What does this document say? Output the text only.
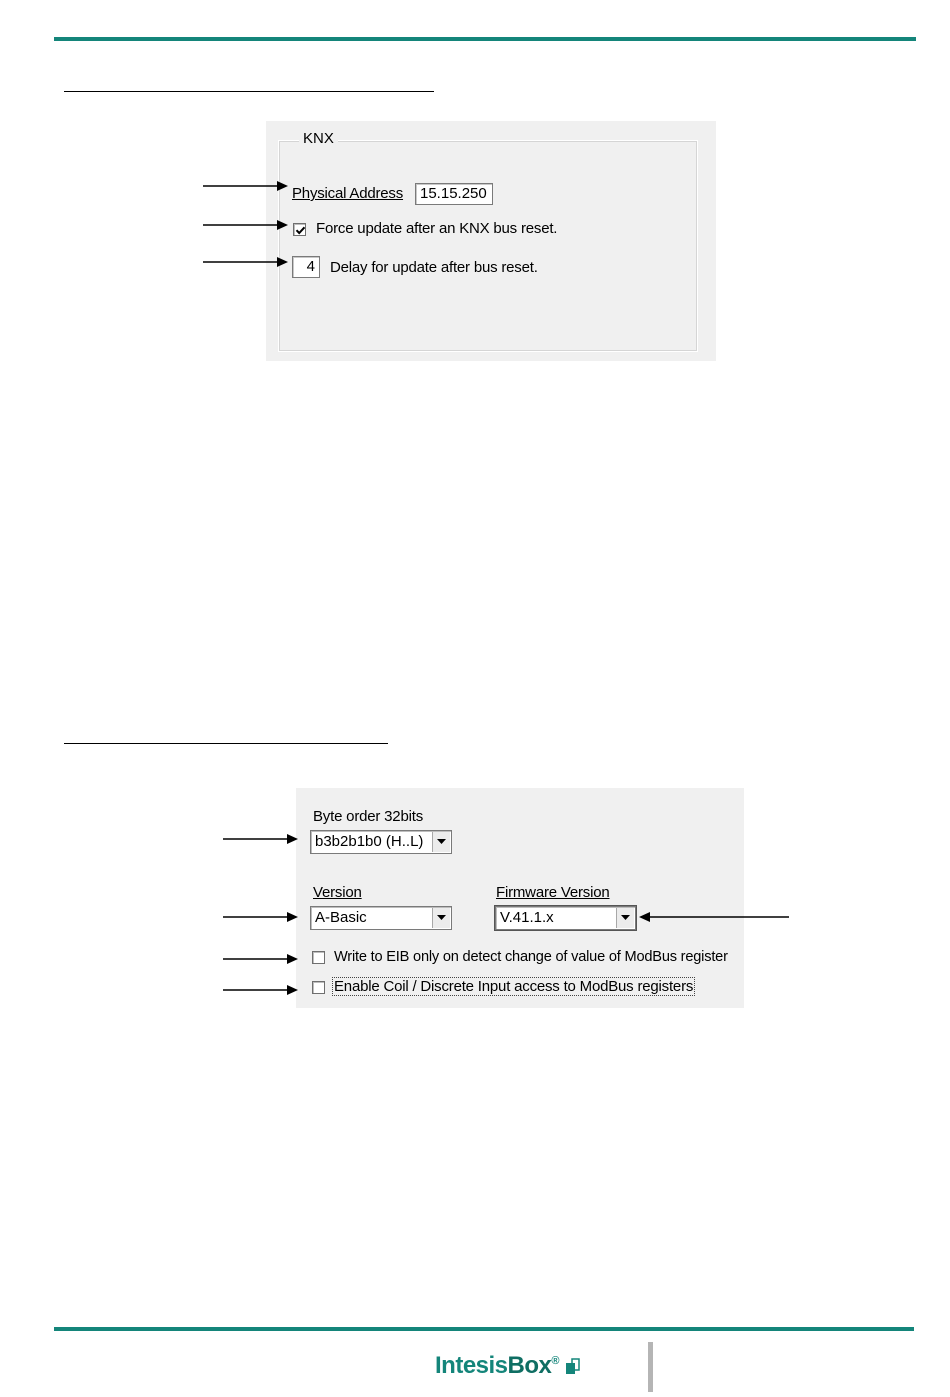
KNX
Physical Address	15.15.250
Force update after an KNX bus reset.
4	Delay for update after bus reset.
Byte order 32bits
b3b2b1b0 (H..L)
Version
A-Basic
Firmware Version
V.41.1.x
Write to EIB only on detect change of value of ModBus register
Enable Coil / Discrete Input access to ModBus registers
IntesisBox®
